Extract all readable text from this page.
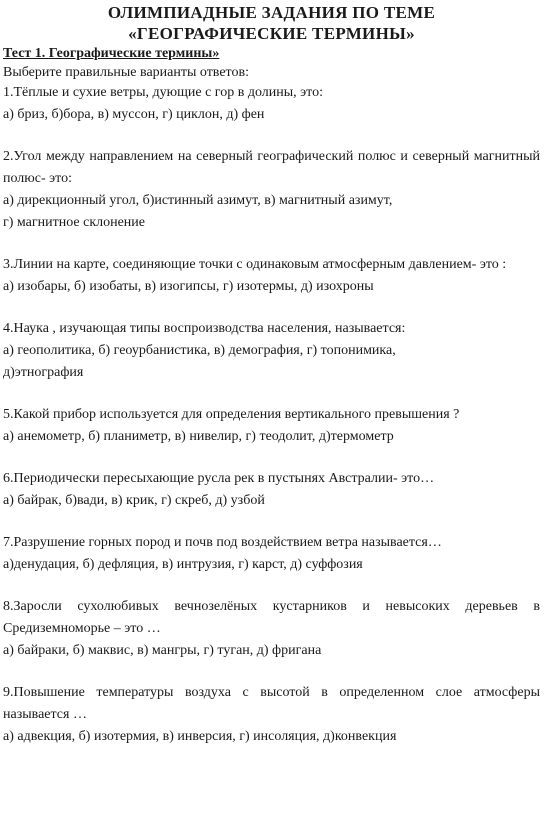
ОЛИМПИАДНЫЕ ЗАДАНИЯ ПО ТЕМЕ
«ГЕОГРАФИЧЕСКИЕ ТЕРМИНЫ»
Тест 1. Географические термины»
Выберите правильные варианты ответов:
1.Тёплые и сухие ветры, дующие с гор в долины, это:
а) бриз, б)бора, в) муссон, г) циклон, д) фен
2.Угол между направлением на северный географический полюс и северный магнитный полюс- это:
а) дирекционный угол, б)истинный азимут, в) магнитный азимут,
г) магнитное склонение
3.Линии на карте, соединяющие точки с одинаковым атмосферным давлением- это :
а) изобары, б) изобаты, в) изогипсы, г) изотермы, д) изохроны
4.Наука , изучающая типы воспроизводства населения, называется:
а) геополитика, б) геоурбанистика, в) демография, г) топонимика,
д)этнография
5.Какой прибор используется для определения вертикального превышения ?
а) анемометр, б) планиметр, в) нивелир, г) теодолит, д)термометр
6.Периодически пересыхающие русла рек в пустынях Австралии- это…
а) байрак, б)вади, в) крик, г) скреб, д) узбой
7.Разрушение горных пород и почв под воздействием ветра называется…
а)денудация, б) дефляция, в) интрузия, г) карст, д) суффозия
8.Заросли сухолюбивых вечнозелёных кустарников и невысоких деревьев в Средиземноморье – это …
а) байраки, б) маквис, в) мангры, г) туган, д) фригана
9.Повышение температуры воздуха с высотой в определенном слое атмосферы называется …
а) адвекция, б) изотермия, в) инверсия, г) инсоляция, д)конвекция
